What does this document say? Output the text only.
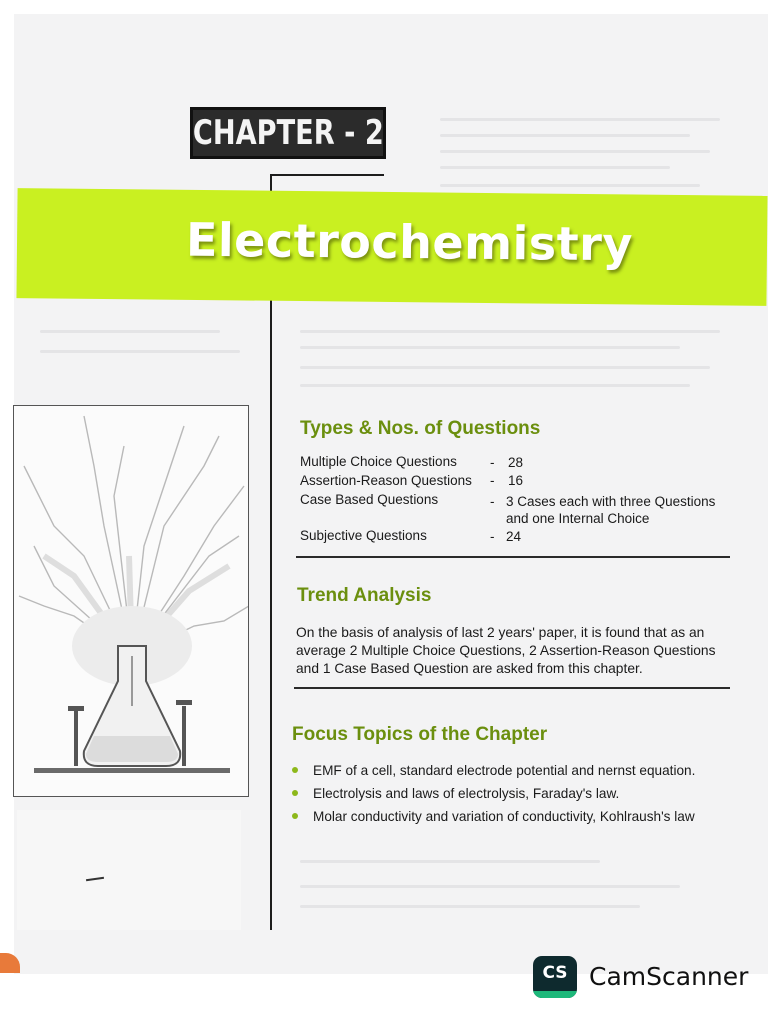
Electrochemistry
CHAPTER - 2
Types & Nos. of Questions
Multiple Choice Questions - 28
Assertion-Reason Questions - 16
Case Based Questions	- 3 Cases each with three Questions
and one Internal Choice
Subjective Questions	- 24
Trend Analysis
On the basis of analysis of last 2 years' paper, it is found that as an
average 2 Multiple Choice Questions, 2 Assertion-Reason Questions
and 1 Case Based Question are asked from this chapter.
Focus Topics of the Chapter
EMF of a cell, standard electrode potential and nernst equation.
Electrolysis and laws of electrolysis, Faraday's law.
Molar conductivity and variation of conductivity, Kohlraush's law
CS CamScanner
